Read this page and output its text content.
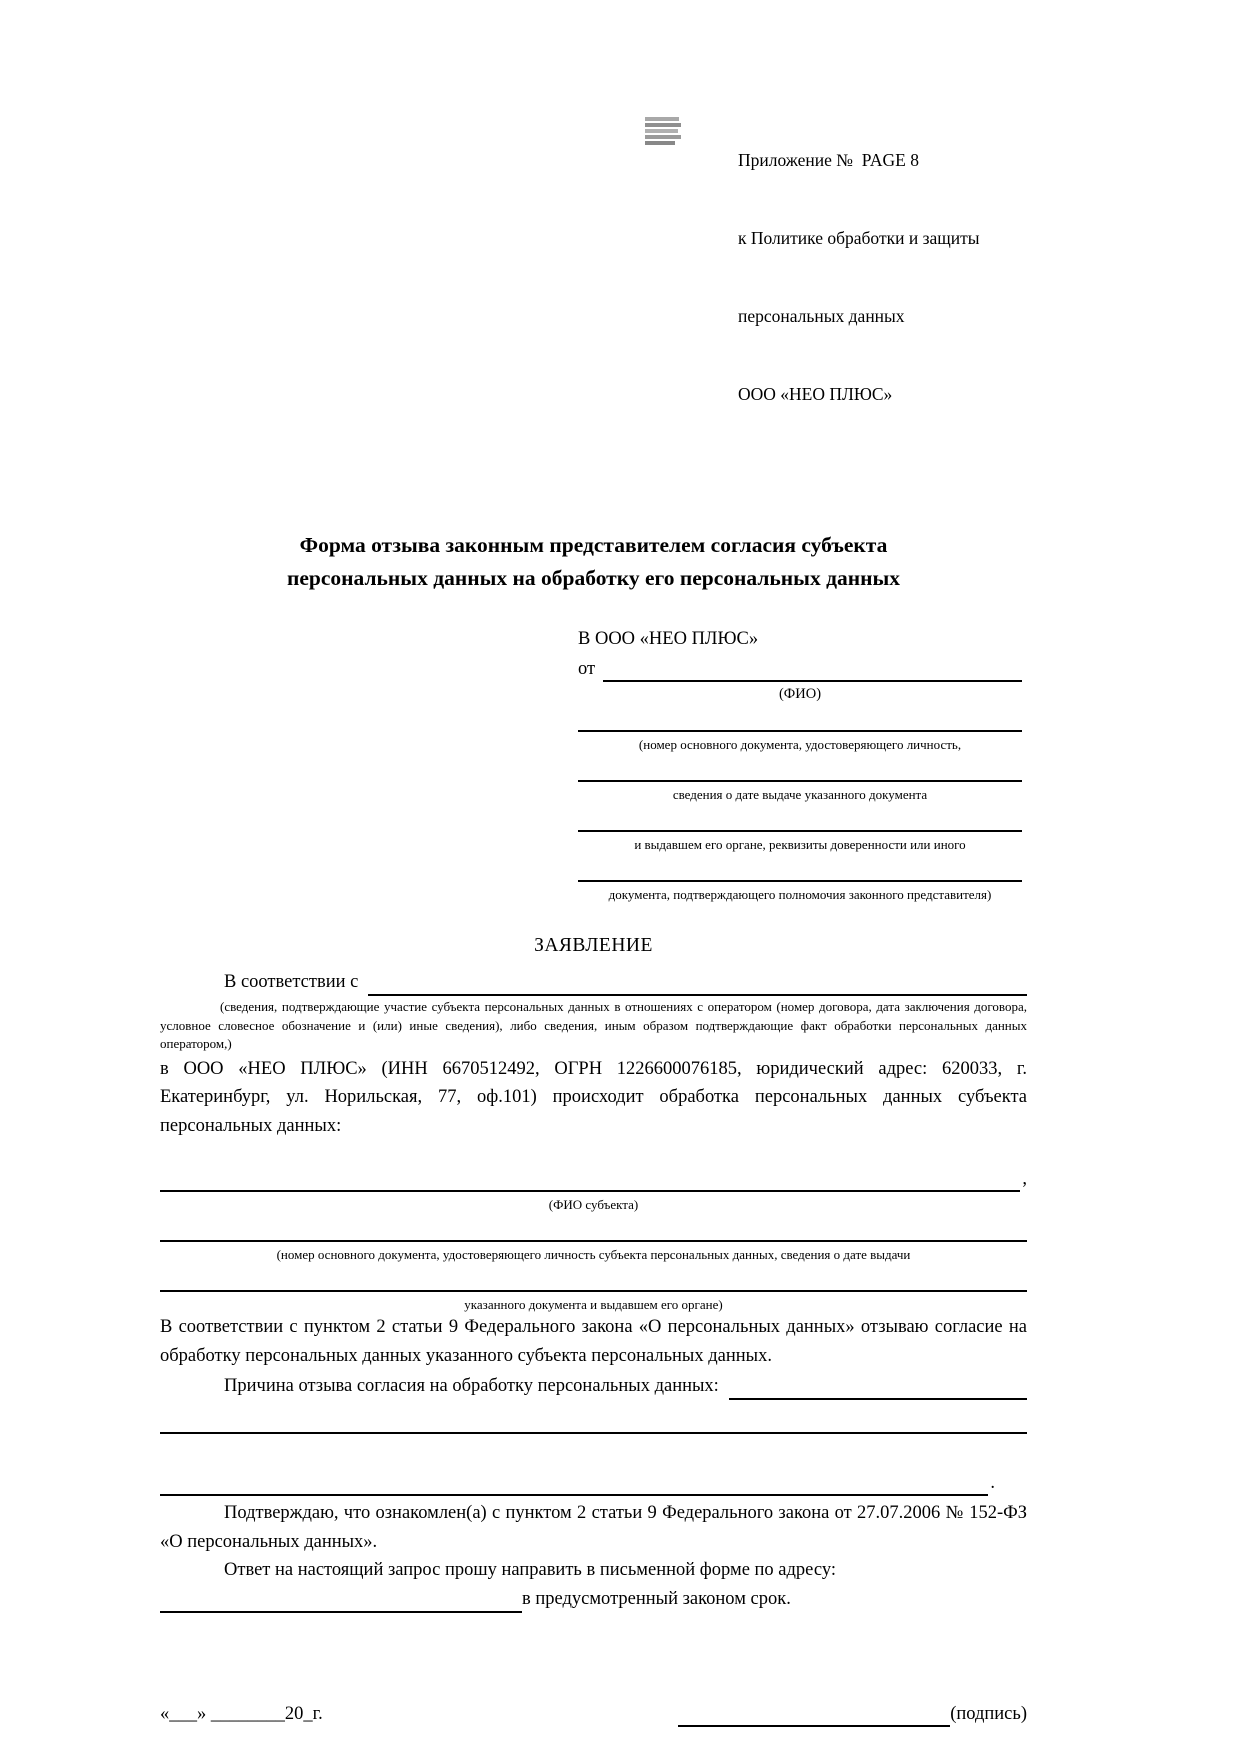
Приложение №  PAGE 8

к Политике обработки и защиты

персональных данных

ООО «НЕО ПЛЮС»

Форма отзыва законным представителем согласия субъекта
персональных данных на обработку его персональных данных
В ООО «НЕО ПЛЮС»
от
(ФИО)
(номер основного документа, удостоверяющего личность,
сведения о дате выдаче указанного документа
и выдавшем его органе, реквизиты доверенности или иного
документа, подтверждающего полномочия законного представителя)
ЗАЯВЛЕНИЕ
В соответствии с
(сведения, подтверждающие участие субъекта персональных данных в отношениях с оператором (номер договора, дата заключения договора, условное словесное обозначение и (или) иные сведения), либо сведения, иным образом подтверждающие факт обработки персональных данных оператором,)
в ООО «НЕО ПЛЮС» (ИНН 6670512492, ОГРН 1226600076185, юридический адрес: 620033, г. Екатеринбург, ул. Норильская, 77, оф.101) происходит обработка персональных данных субъекта персональных данных:
,
(ФИО субъекта)
(номер основного документа, удостоверяющего личность субъекта персональных данных, сведения о дате выдачи
указанного документа и выдавшем его органе)
В соответствии с пунктом 2 статьи 9 Федерального закона «О персональных данных» отзываю согласие на обработку персональных данных указанного субъекта персональных данных.
Причина отзыва согласия на обработку персональных данных:
.
Подтверждаю, что ознакомлен(а) с пунктом 2 статьи 9 Федерального закона от 27.07.2006 № 152-ФЗ «О персональных данных».
Ответ на настоящий запрос прошу направить в письменной форме по адресу:
в предусмотренный законом срок.
«___» ________20_г.	(подпись)
